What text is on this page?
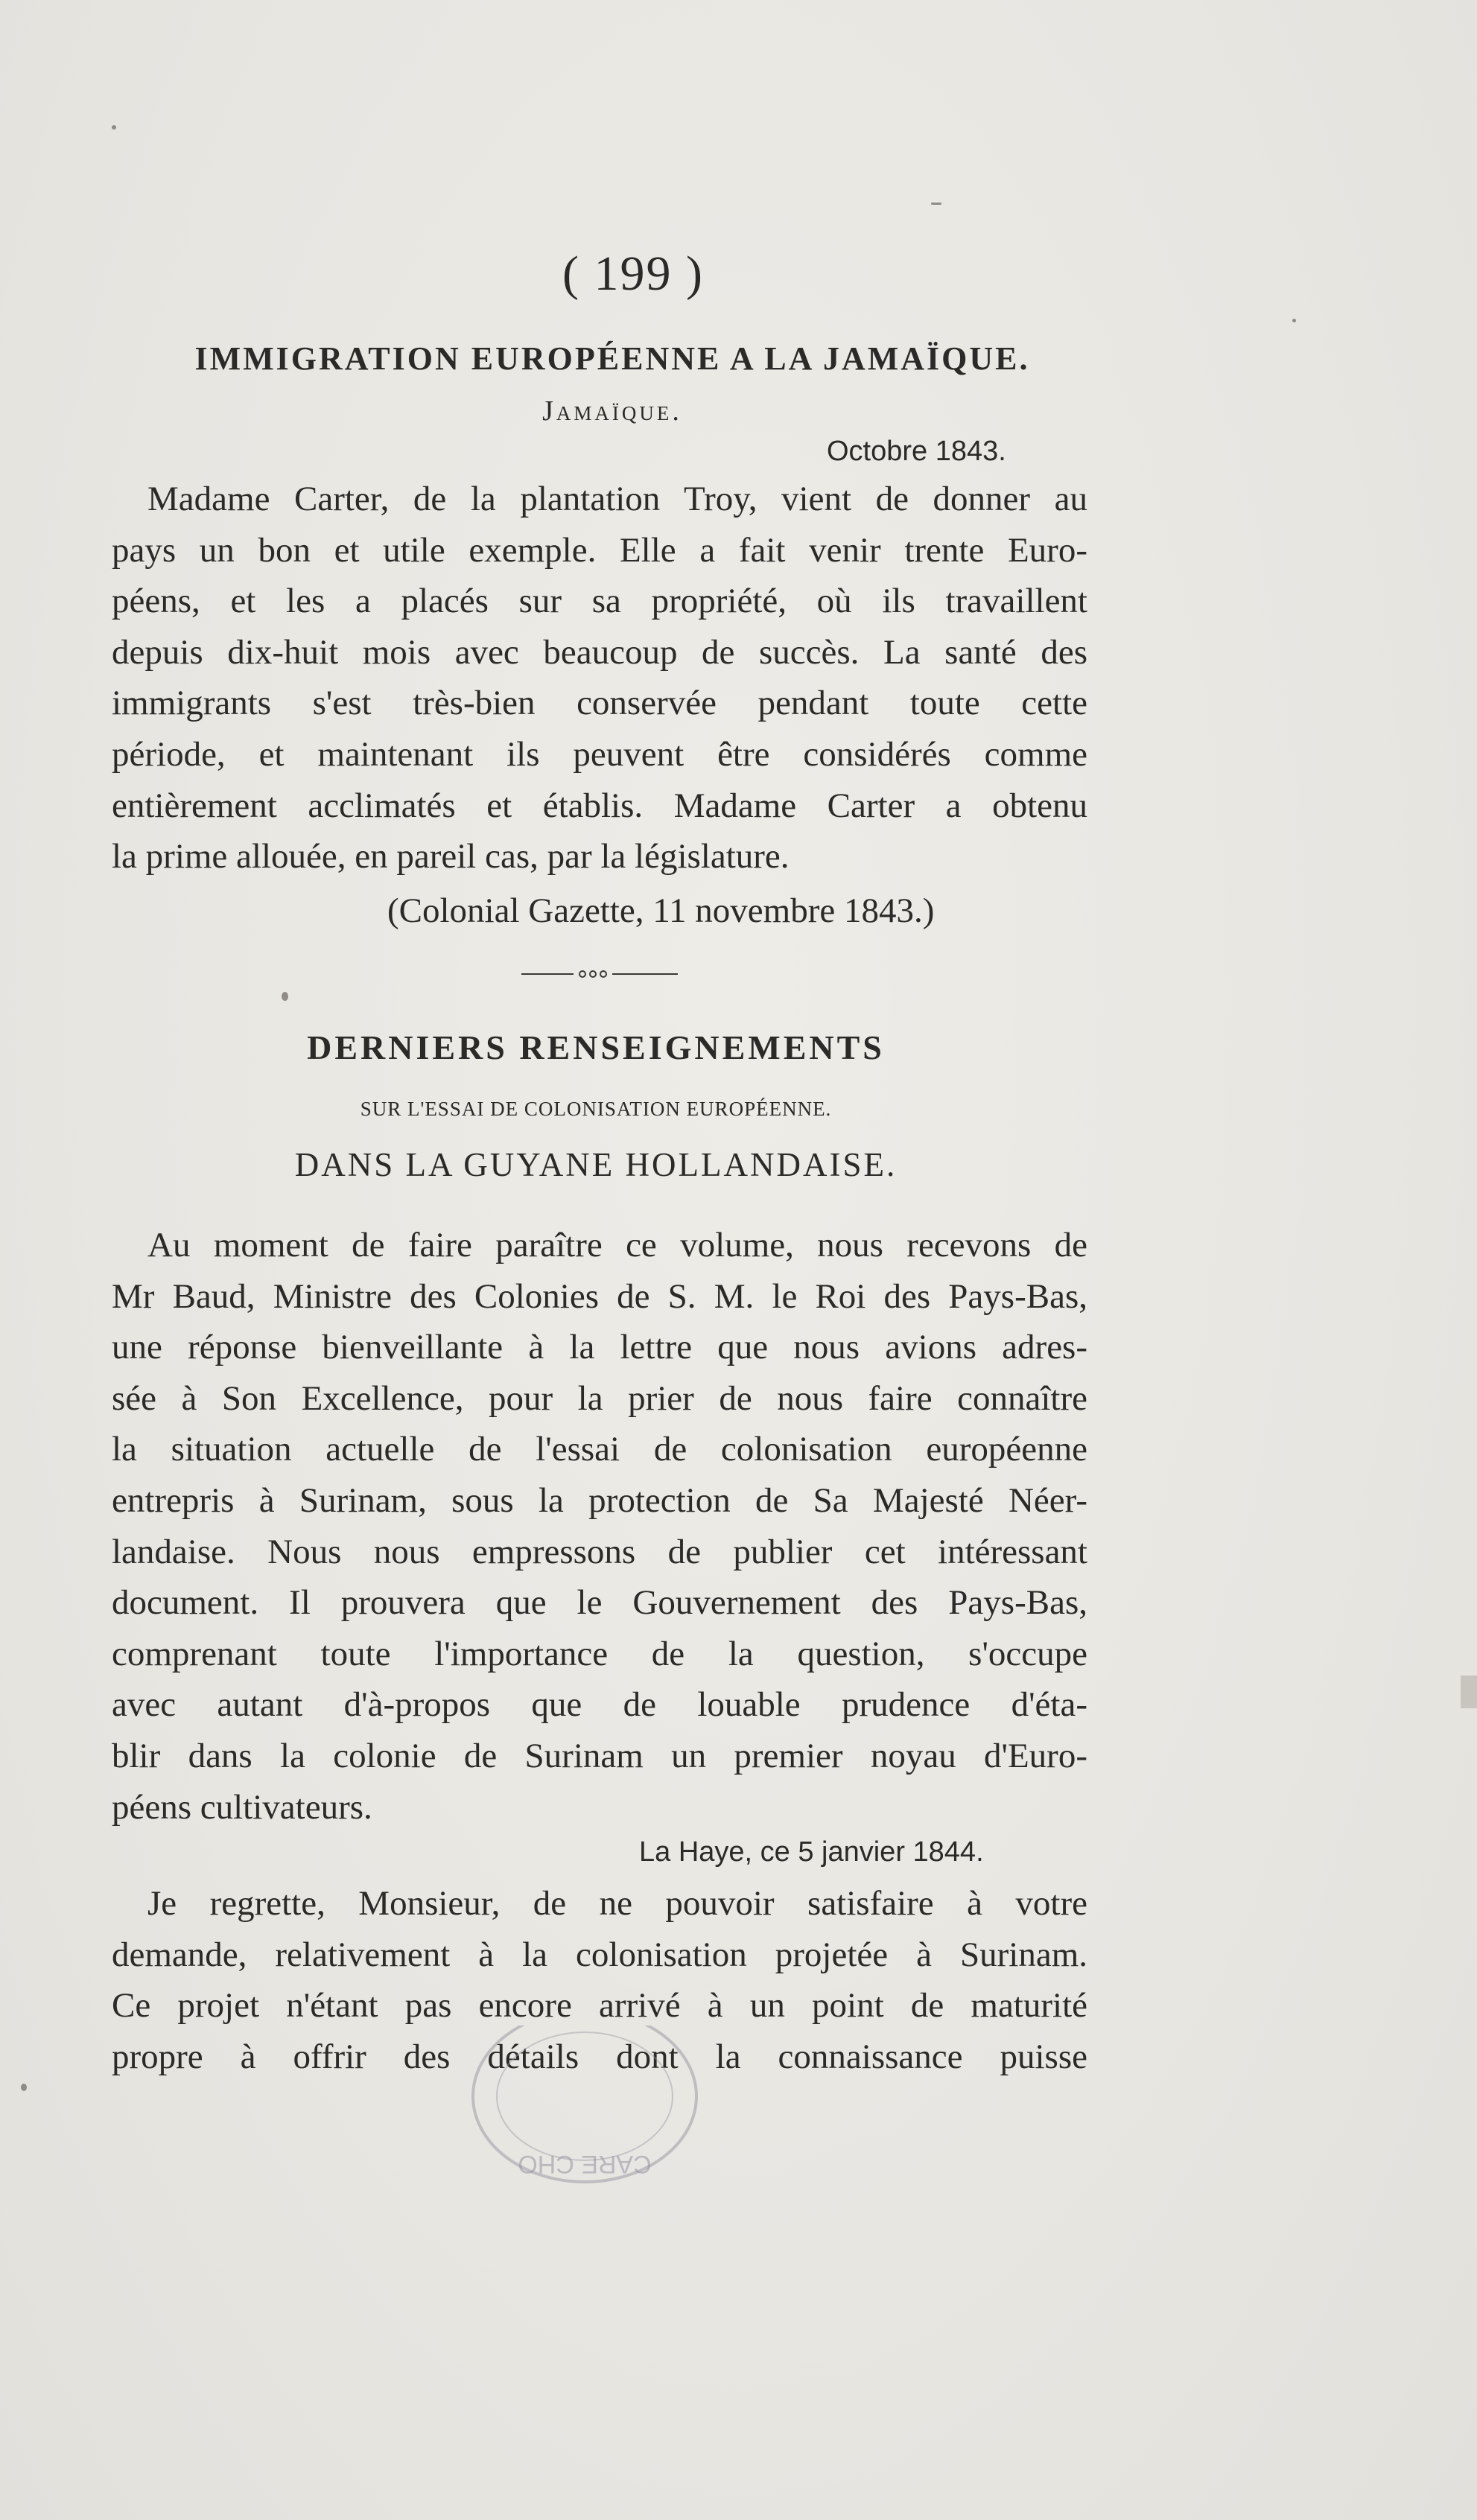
( 199 )
IMMIGRATION EUROPÉENNE A LA JAMAÏQUE.
Jamaïque.
Octobre 1843.
Madame Carter, de la plantation Troy, vient de donner au
pays un bon et utile exemple. Elle a fait venir trente Euro-
péens, et les a placés sur sa propriété, où ils travaillent
depuis dix-huit mois avec beaucoup de succès. La santé des
immigrants s'est très-bien conservée pendant toute cette
période, et maintenant ils peuvent être considérés comme
entièrement acclimatés et établis. Madame Carter a obtenu
la prime allouée, en pareil cas, par la législature.
(Colonial Gazette, 11 novembre 1843.)
DERNIERS RENSEIGNEMENTS
SUR L'ESSAI DE COLONISATION EUROPÉENNE.
DANS LA GUYANE HOLLANDAISE.
Au moment de faire paraître ce volume, nous recevons de
Mr Baud, Ministre des Colonies de S. M. le Roi des Pays-Bas,
une réponse bienveillante à la lettre que nous avions adres-
sée à Son Excellence, pour la prier de nous faire connaître
la situation actuelle de l'essai de colonisation européenne
entrepris à Surinam, sous la protection de Sa Majesté Néer-
landaise. Nous nous empressons de publier cet intéressant
document. Il prouvera que le Gouvernement des Pays-Bas,
comprenant toute l'importance de la question, s'occupe
avec autant d'à-propos que de louable prudence d'éta-
blir dans la colonie de Surinam un premier noyau d'Euro-
péens cultivateurs.
La Haye, ce 5 janvier 1844.
Je regrette, Monsieur, de ne pouvoir satisfaire à votre
demande, relativement à la colonisation projetée à Surinam.
Ce projet n'étant pas encore arrivé à un point de maturité
propre à offrir des détails dont la connaissance puisse
CARE CHO
